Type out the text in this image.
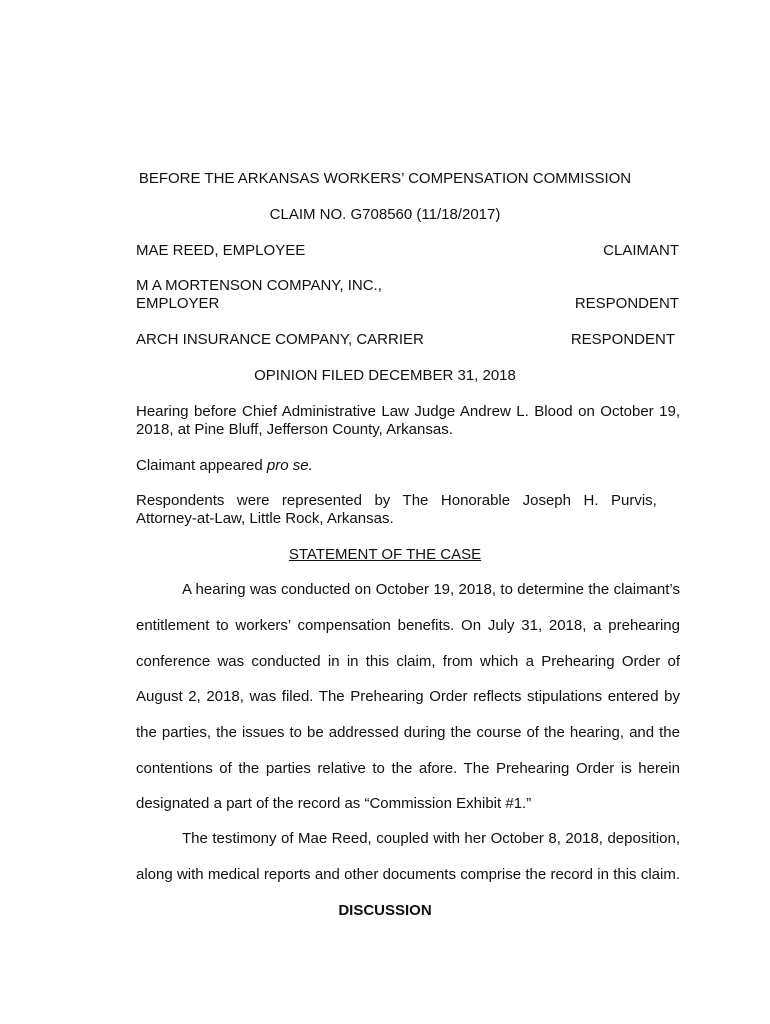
BEFORE THE ARKANSAS WORKERS’ COMPENSATION COMMISSION
CLAIM NO. G708560 (11/18/2017)
MAE REED, EMPLOYEE	CLAIMANT
M A MORTENSON COMPANY, INC.,
EMPLOYER	RESPONDENT
ARCH INSURANCE COMPANY, CARRIER	RESPONDENT
OPINION FILED DECEMBER 31, 2018
Hearing before Chief Administrative Law Judge Andrew L. Blood on October 19,
2018, at Pine Bluff, Jefferson County, Arkansas.
Claimant appeared pro se.
Respondents   were   represented   by   The   Honorable   Joseph   H.   Purvis,
Attorney-at-Law, Little Rock, Arkansas.
STATEMENT OF THE CASE
A hearing was conducted on October 19, 2018, to determine the claimant’s
entitlement to workers’ compensation benefits. On July 31, 2018, a prehearing
conference was conducted in in this claim, from which a Prehearing Order of
August 2, 2018, was filed. The Prehearing Order reflects stipulations entered by
the parties, the issues to be addressed during the course of the hearing, and the
contentions of the parties relative to the afore. The Prehearing Order is herein
designated a part of the record as “Commission Exhibit #1.”
The testimony of Mae Reed, coupled with her October 8, 2018, deposition,
along with medical reports and other documents comprise the record in this claim.
DISCUSSION
